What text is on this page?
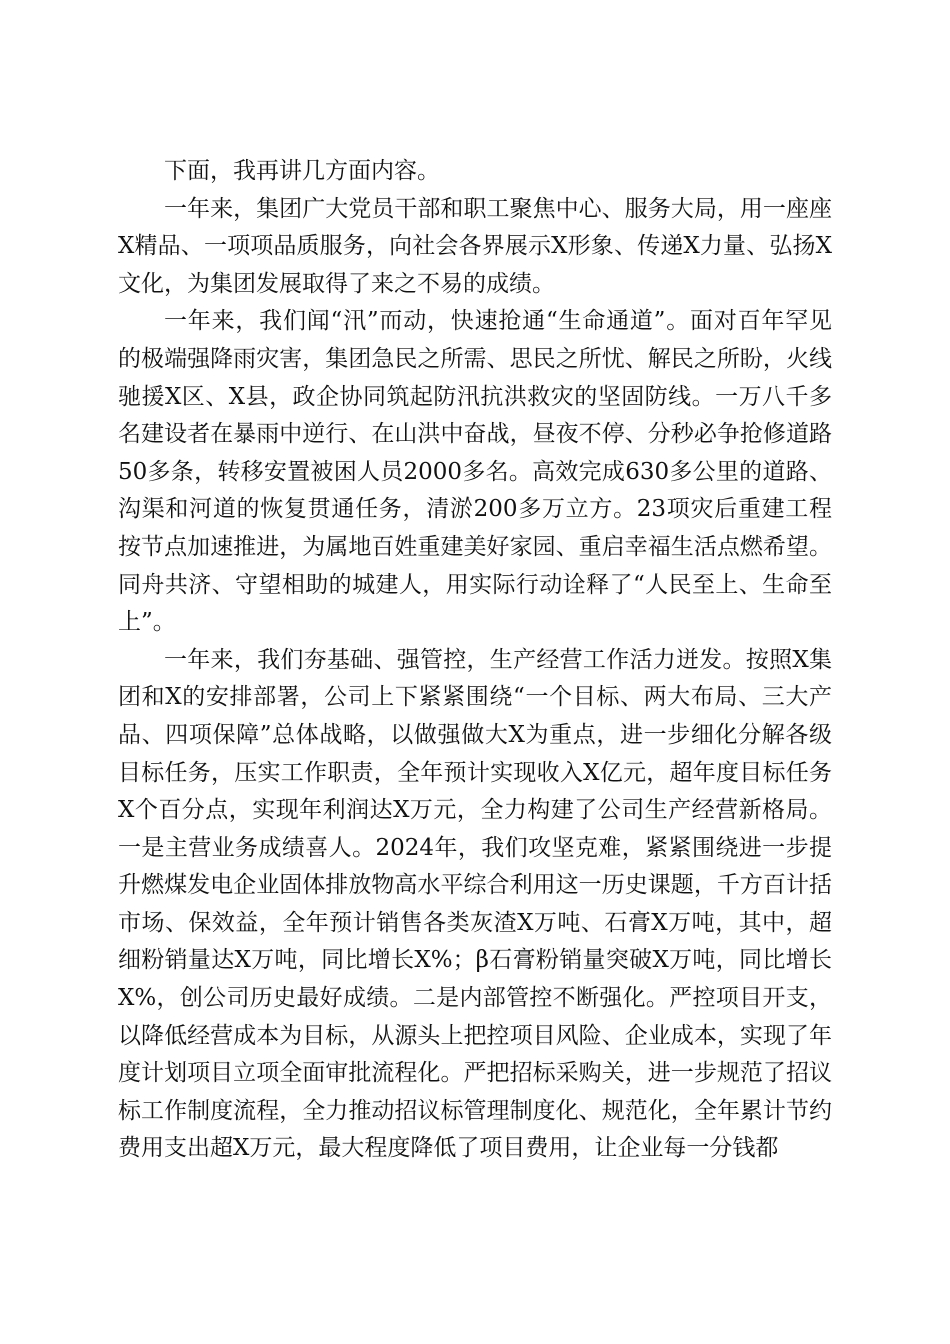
下面，我再讲几方面内容。

一年来，集团广大党员干部和职工聚焦中心、服务大局，用一座座X精品、一项项品质服务，向社会各界展示X形象、传递X力量、弘扬X文化，为集团发展取得了来之不易的成绩。

一年来，我们闻“汛”而动，快速抢通“生命通道”。面对百年罕见的极端强降雨灾害，集团急民之所需、思民之所忧、解民之所盼，火线驰援X区、X县，政企协同筑起防汛抗洪救灾的坚固防线。一万八千多名建设者在暴雨中逆行、在山洪中奋战，昼夜不停、分秒必争抢修道路50多条，转移安置被困人员2000多名。高效完成630多公里的道路、沟渠和河道的恢复贯通任务，清淤200多万立方。23项灾后重建工程按节点加速推进，为属地百姓重建美好家园、重启幸福生活点燃希望。同舟共济、守望相助的城建人，用实际行动诠释了“人民至上、生命至上”。

一年来，我们夯基础、强管控，生产经营工作活力迸发。按照X集团和X的安排部署，公司上下紧紧围绕“一个目标、两大布局、三大产品、四项保障”总体战略，以做强做大X为重点，进一步细化分解各级目标任务，压实工作职责，全年预计实现收入X亿元，超年度目标任务X个百分点，实现年利润达X万元，全力构建了公司生产经营新格局。一是主营业务成绩喜人。2024年，我们攻坚克难，紧紧围绕进一步提升燃煤发电企业固体排放物高水平综合利用这一历史课题，千方百计括市场、保效益，全年预计销售各类灰渣X万吨、石膏X万吨，其中，超细粉销量达X万吨，同比增长X%；β石膏粉销量突破X万吨，同比增长X%，创公司历史最好成绩。二是内部管控不断强化。严控项目开支，以降低经营成本为目标，从源头上把控项目风险、企业成本，实现了年度计划项目立项全面审批流程化。严把招标采购关，进一步规范了招议标工作制度流程，全力推动招议标管理制度化、规范化，全年累计节约费用支出超X万元，最大程度降低了项目费用，让企业每一分钱都
